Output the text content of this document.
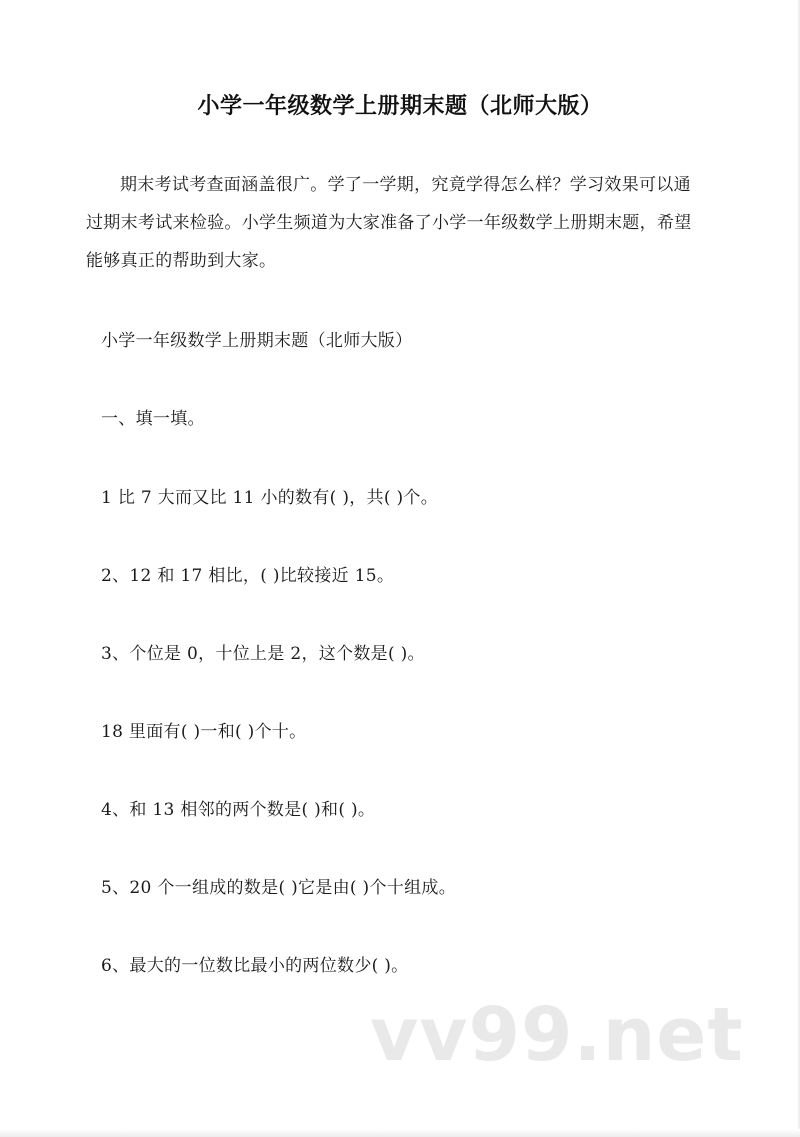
小学一年级数学上册期末题（北师大版）

期末考试考查面涵盖很广。学了一学期，究竟学得怎么样？学习效果可以通过期末考试来检验。小学生频道为大家准备了小学一年级数学上册期末题，希望能够真正的帮助到大家。

小学一年级数学上册期末题（北师大版）

一、填一填。

1 比 7 大而又比 11 小的数有( )，共( )个。

2、12 和 17 相比，( )比较接近 15。

3、个位是 0，十位上是 2，这个数是( )。

18 里面有( )一和( )个十。

4、和 13 相邻的两个数是( )和( )。

5、20 个一组成的数是( )它是由( )个十组成。

6、最大的一位数比最小的两位数少( )。

vv99.net
